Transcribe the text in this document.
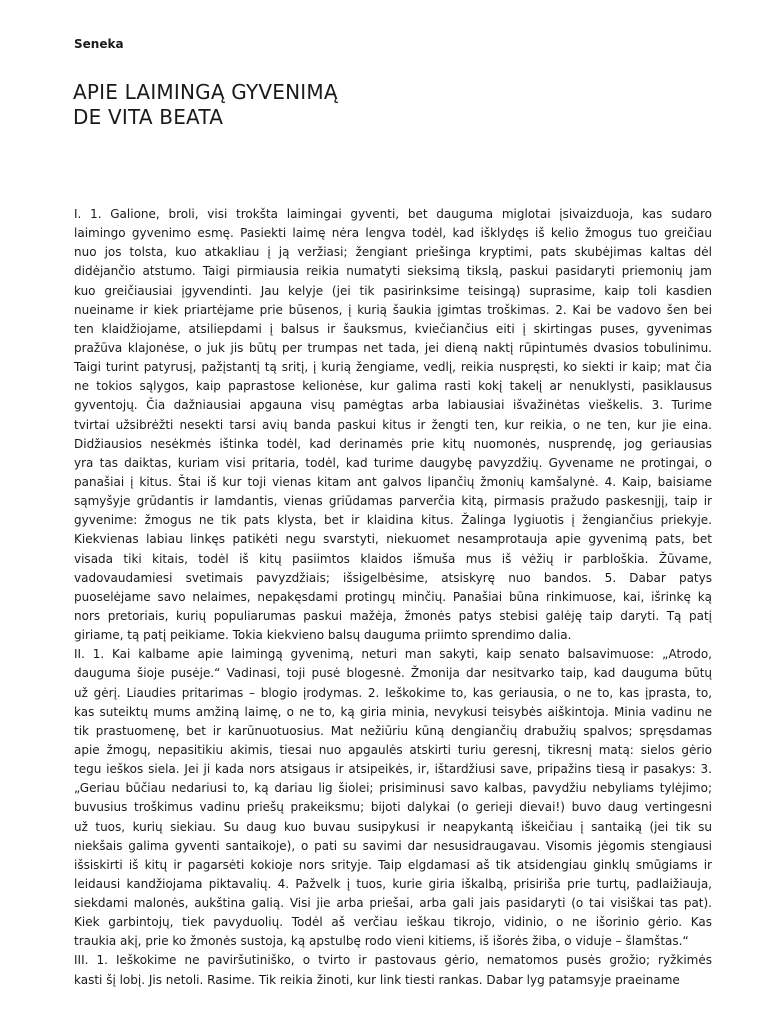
Seneka

APIE LAIMINGĄ GYVENIMĄ
DE VITA BEATA
I. 1. Galione, broli, visi trokšta laimingai gyventi, bet dauguma miglotai įsivaizduoja, kas sudaro
laimingo gyvenimo esmę. Pasiekti laimę nėra lengva todėl, kad išklydęs iš kelio žmogus tuo greičiau
nuo jos tolsta, kuo atkakliau į ją veržiasi; žengiant priešinga kryptimi, pats skubėjimas kaltas dėl
didėjančio atstumo. Taigi pirmiausia reikia numatyti sieksimą tikslą, paskui pasidaryti priemonių jam
kuo greičiausiai įgyvendinti. Jau kelyje (jei tik pasirinksime teisingą) suprasime, kaip toli kasdien
nueiname ir kiek priartėjame prie būsenos, į kurią šaukia įgimtas troškimas. 2. Kai be vadovo šen bei
ten klaidžiojame, atsiliepdami į balsus ir šauksmus, kviečiančius eiti į skirtingas puses, gyvenimas
pražūva klajonėse, o juk jis būtų per trumpas net tada, jei dieną naktį rūpintumės dvasios tobulinimu.
Taigi turint patyrusį, pažįstantį tą sritį, į kurią žengiame, vedlį, reikia nuspręsti, ko siekti ir kaip; mat čia
ne tokios sąlygos, kaip paprastose kelionėse, kur galima rasti kokį takelį ar nenuklysti, pasiklausus
gyventojų. Čia dažniausiai apgauna visų pamėgtas arba labiausiai išvažinėtas vieškelis. 3. Turime
tvirtai užsibrėžti nesekti tarsi avių banda paskui kitus ir žengti ten, kur reikia, o ne ten, kur jie eina.
Didžiausios nesėkmės ištinka todėl, kad derinamės prie kitų nuomonės, nusprendę, jog geriausias
yra tas daiktas, kuriam visi pritaria, todėl, kad turime daugybę pavyzdžių. Gyvename ne protingai, o
panašiai į kitus. Štai iš kur toji vienas kitam ant galvos lipančių žmonių kamšalynė. 4. Kaip, baisiame
sąmyšyje grūdantis ir lamdantis, vienas griūdamas parverčia kitą, pirmasis pražudo paskesnįjį, taip ir
gyvenime: žmogus ne tik pats klysta, bet ir klaidina kitus. Žalinga lygiuotis į žengiančius priekyje.
Kiekvienas labiau linkęs patikėti negu svarstyti, niekuomet nesamprotauja apie gyvenimą pats, bet
visada tiki kitais, todėl iš kitų pasiimtos klaidos išmuša mus iš vėžių ir parbloškia. Žūvame,
vadovaudamiesi svetimais pavyzdžiais; išsigelbėsime, atsiskyrę nuo bandos. 5. Dabar patys
puoselėjame savo nelaimes, nepakęsdami protingų minčių. Panašiai būna rinkimuose, kai, išrinkę ką
nors pretoriais, kurių populiarumas paskui mažėja, žmonės patys stebisi galėję taip daryti. Tą patį
giriame, tą patį peikiame. Tokia kiekvieno balsų dauguma priimto sprendimo dalia.
II. 1. Kai kalbame apie laimingą gyvenimą, neturi man sakyti, kaip senato balsavimuose: „Atrodo,
dauguma šioje pusėje.“ Vadinasi, toji pusė blogesnė. Žmonija dar nesitvarko taip, kad dauguma būtų
už gėrį. Liaudies pritarimas – blogio įrodymas. 2. Ieškokime to, kas geriausia, o ne to, kas įprasta, to,
kas suteiktų mums amžiną laimę, o ne to, ką giria minia, nevykusi teisybės aiškintoja. Minia vadinu ne
tik prastuomenę, bet ir karūnuotuosius. Mat nežiūriu kūną dengiančių drabužių spalvos; spręsdamas
apie žmogų, nepasitikiu akimis, tiesai nuo apgaulės atskirti turiu geresnį, tikresnį matą: sielos gėrio
tegu ieškos siela. Jei ji kada nors atsigaus ir atsipeikės, ir, ištardžiusi save, pripažins tiesą ir pasakys: 3.
„Geriau būčiau nedariusi to, ką dariau lig šiolei; prisiminusi savo kalbas, pavydžiu nebyliams tylėjimo;
buvusius troškimus vadinu priešų prakeiksmu; bijoti dalykai (o gerieji dievai!) buvo daug vertingesni
už tuos, kurių siekiau. Su daug kuo buvau susipykusi ir neapykantą iškeičiau į santaiką (jei tik su
niekšais galima gyventi santaikoje), o pati su savimi dar nesusidraugavau. Visomis jėgomis stengiausi
išsiskirti iš kitų ir pagarsėti kokioje nors srityje. Taip elgdamasi aš tik atsidengiau ginklų smūgiams ir
leidausi kandžiojama piktavalių. 4. Pažvelk į tuos, kurie giria iškalbą, prisiriša prie turtų, padlaižiauja,
siekdami malonės, aukština galią. Visi jie arba priešai, arba gali jais pasidaryti (o tai visiškai tas pat).
Kiek garbintojų, tiek pavyduolių. Todėl aš verčiau ieškau tikrojo, vidinio, o ne išorinio gėrio. Kas
traukia akį, prie ko žmonės sustoja, ką apstulbę rodo vieni kitiems, iš išorės žiba, o viduje – šlamštas.“
III. 1. Ieškokime ne paviršutiniško, o tvirto ir pastovaus gėrio, nematomos pusės grožio; ryžkimės
kasti šį lobį. Jis netoli. Rasime. Tik reikia žinoti, kur link tiesti rankas. Dabar lyg patamsyje praeiname
